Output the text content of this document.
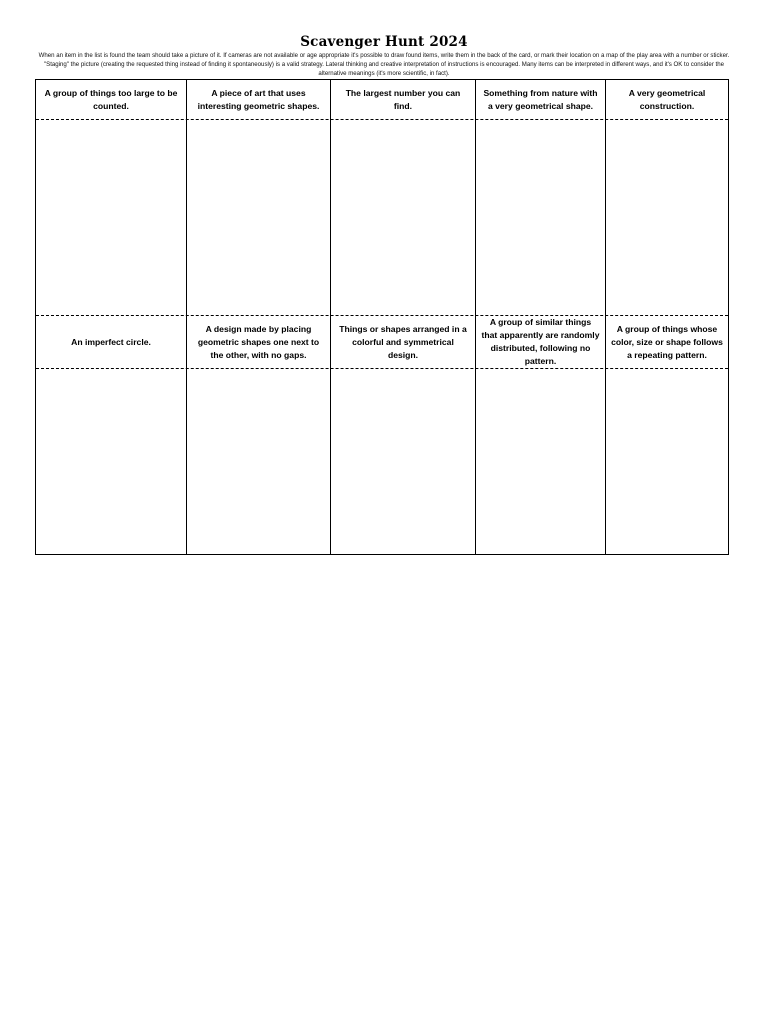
Scavenger Hunt 2024
When an item in the list is found the team should take a picture of it. If cameras are not available or age appropriate it's possible to draw found items, write them in the back of the card, or mark their location on a map of the play area with a number or sticker. "Staging" the picture (creating the requested thing instead of finding it spontaneously) is a valid strategy. Lateral thinking and creative interpretation of instructions is encouraged. Many items can be interpreted in different ways, and it's OK to consider the alternative meanings (it's more scientific, in fact).
A group of things too large to be counted.
A piece of art that uses interesting geometric shapes.
The largest number you can find.
Something from nature with a very geometrical shape.
A very geometrical construction.
An imperfect circle.
A design made by placing geometric shapes one next to the other, with no gaps.
Things or shapes arranged in a colorful and symmetrical design.
A group of similar things that apparently are randomly distributed, following no pattern.
A group of things whose color, size or shape follows a repeating pattern.
